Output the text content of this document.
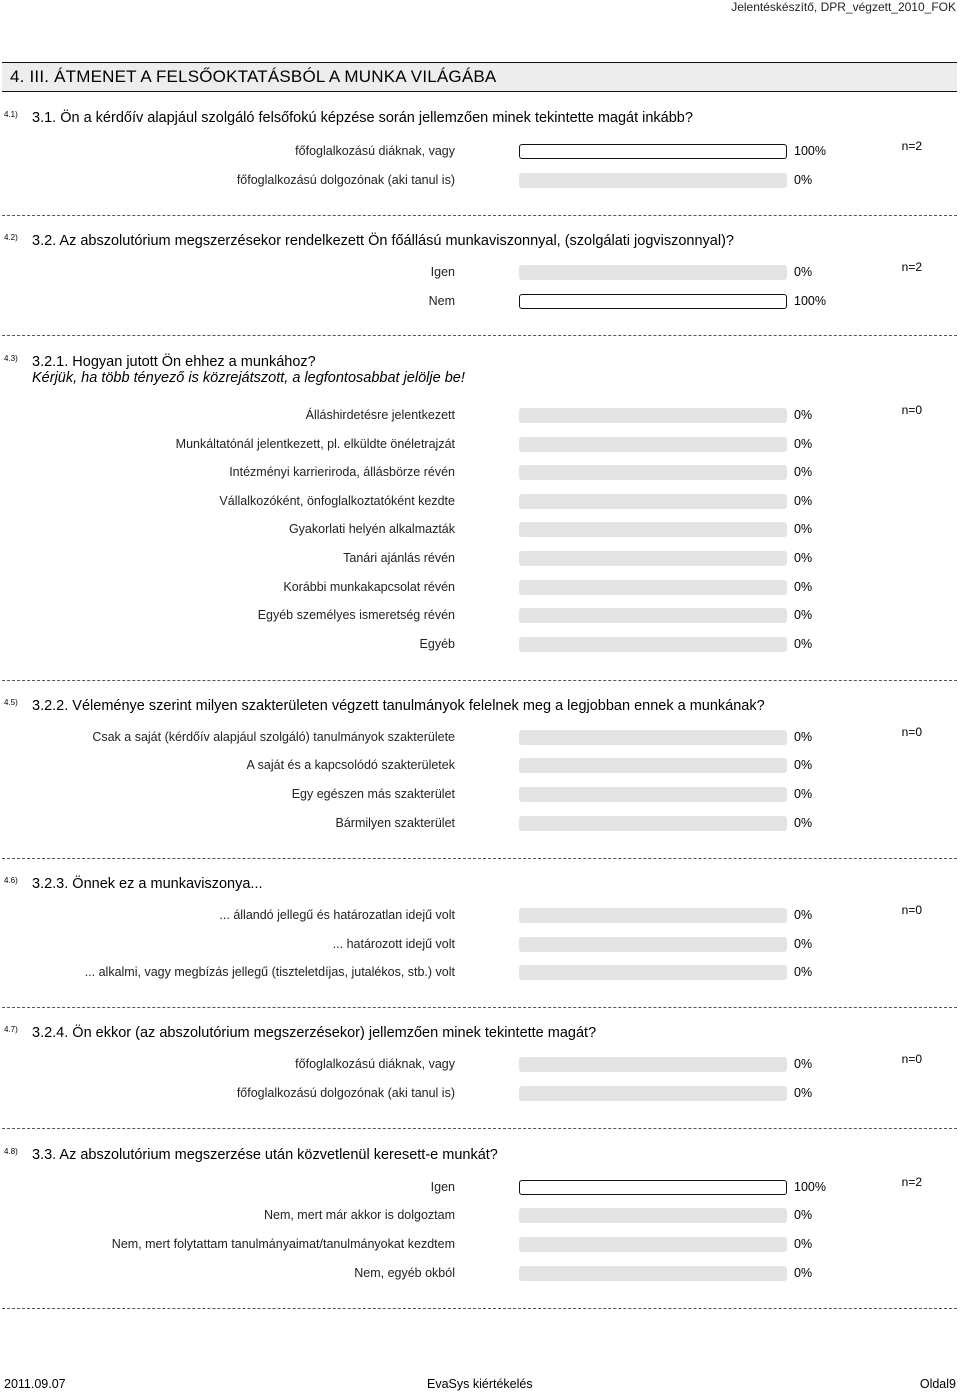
Jelentéskészítő, DPR_végzett_2010_FOK
4. III. ÁTMENET A FELSŐOKTATÁSBÓL A MUNKA VILÁGÁBA
4.1) 3.1. Ön a kérdőív alapjául szolgáló felsőfokú képzése során jellemzően minek tekintette magát inkább?
n=2
főfoglalkozású diáknak, vagy	100%
főfoglalkozású dolgozónak (aki tanul is)	0%
4.2) 3.2. Az abszolutórium megszerzésekor rendelkezett Ön főállású munkaviszonnyal, (szolgálati jogviszonnyal)?
n=2
Igen	0%
Nem	100%
4.3) 3.2.1. Hogyan jutott Ön ehhez a munkához?
Kérjük, ha több tényező is közrejátszott, a legfontosabbat jelölje be!
n=0
Álláshirdetésre jelentkezett	0%
Munkáltatónál jelentkezett, pl. elküldte önéletrajzát	0%
Intézményi karrieriroda, állásbörze révén	0%
Vállalkozóként, önfoglalkoztatóként kezdte	0%
Gyakorlati helyén alkalmazták	0%
Tanári ajánlás révén	0%
Korábbi munkakapcsolat révén	0%
Egyéb személyes ismeretség révén	0%
Egyéb	0%
4.5) 3.2.2. Véleménye szerint milyen szakterületen végzett tanulmányok felelnek meg a legjobban ennek a munkának?
n=0
Csak a saját (kérdőív alapjául szolgáló) tanulmányok szakterülete	0%
A saját és a kapcsolódó szakterületek	0%
Egy egészen más szakterület	0%
Bármilyen szakterület	0%
4.6) 3.2.3. Önnek ez a munkaviszonya...
n=0
... állandó jellegű és határozatlan idejű volt	0%
... határozott idejű volt	0%
... alkalmi, vagy megbízás jellegű (tiszteletdíjas, jutalékos, stb.) volt	0%
4.7) 3.2.4. Ön ekkor (az abszolutórium megszerzésekor) jellemzően minek tekintette magát?
n=0
főfoglalkozású diáknak, vagy	0%
főfoglalkozású dolgozónak (aki tanul is)	0%
4.8) 3.3. Az abszolutórium megszerzése után közvetlenül keresett-e munkát?
n=2
Igen	100%
Nem, mert már akkor is dolgoztam	0%
Nem, mert folytattam tanulmányaimat/tanulmányokat kezdtem	0%
Nem, egyéb okból	0%
2011.09.07	EvaSys kiértékelés	Oldal9
